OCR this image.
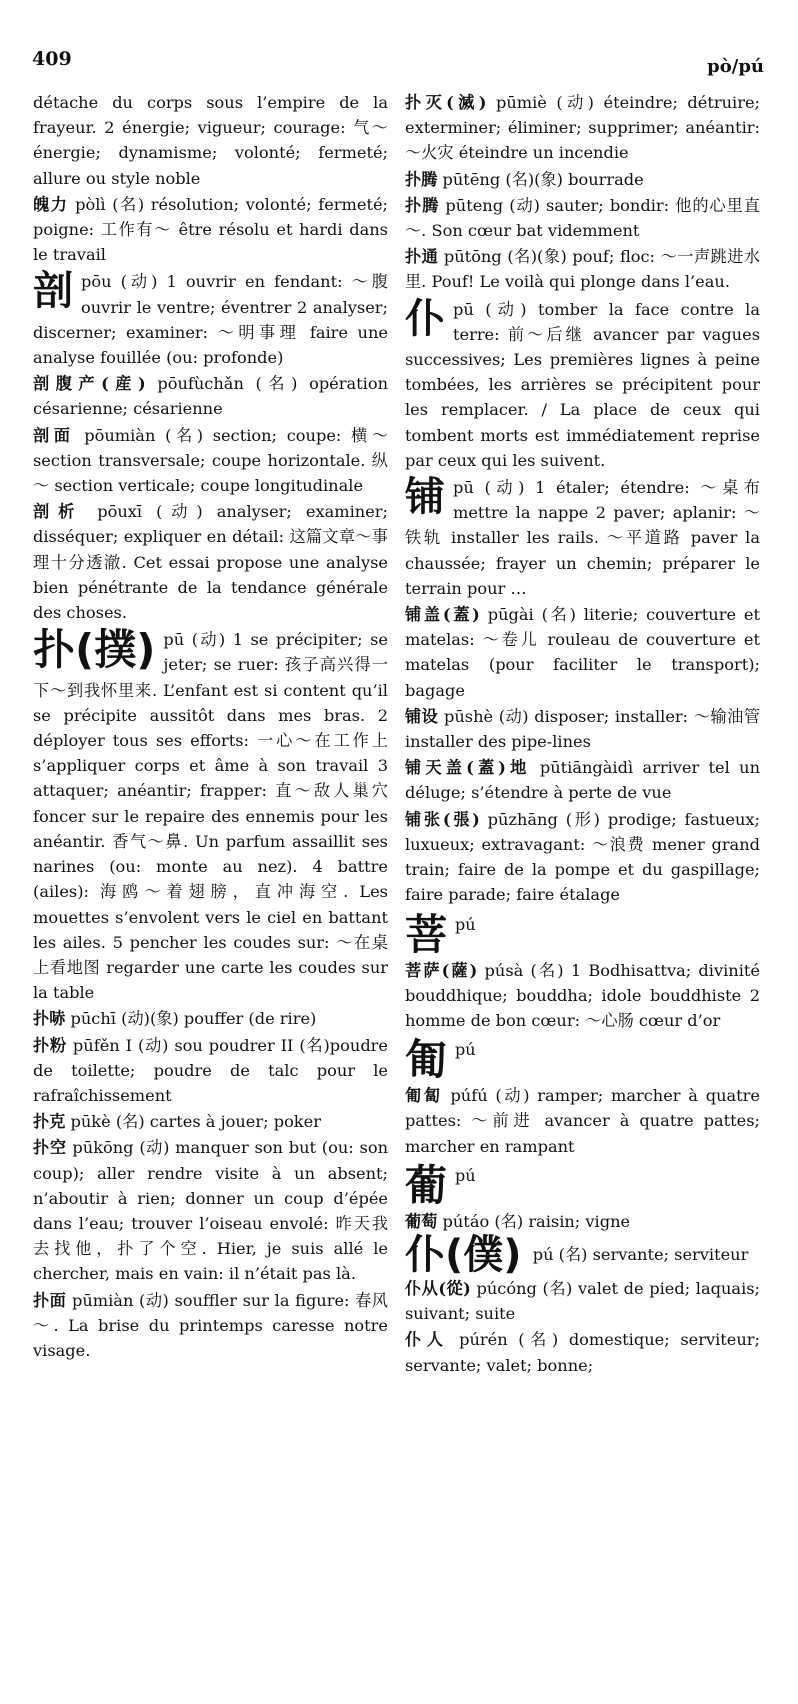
409	pò/pú
détache du corps sous l’empire de la frayeur. 2 énergie; vigueur; courage: 气～ énergie; dynamisme; volonté; fermeté; allure ou style noble
魄力 pòlì (名) résolution; volonté; fermeté; poigne: 工作有～ être résolu et hardi dans le travail
剖pōu (动) 1 ouvrir en fendant: ～腹 ouvrir le ventre; éventrer 2 analyser; discerner; examiner: ～明事理 faire une analyse fouillée (ou: profonde)
剖腹产(産) pōufùchǎn (名) opération césarienne; césarienne
剖面 pōumiàn (名) section; coupe: 横～ section transversale; coupe horizontale. 纵～ section verticale; coupe longitudinale
剖析 pōuxī (动) analyser; examiner; disséquer; expliquer en détail: 这篇文章～事理十分透澈. Cet essai propose une analyse bien pénétrante de la tendance générale des choses.
扑(撲) pū (动) 1 se précipiter; se jeter; se ruer: 孩子高兴得一下～到我怀里来. L’enfant est si content qu’il se précipite aussitôt dans mes bras. 2 déployer tous ses efforts: 一心～在工作上 s’appliquer corps et âme à son travail 3 attaquer; anéantir; frapper: 直～敌人巢穴 foncer sur le repaire des ennemis pour les anéantir. 香气～鼻. Un parfum assaillit ses narines (ou: monte au nez). 4 battre (ailes): 海鸥～着翅膀，直冲海空. Les mouettes s’envolent vers le ciel en battant les ailes. 5 pencher les coudes sur: ～在桌上看地图 regarder une carte les coudes sur la table
扑哧 pūchī (动)(象) pouffer (de rire)
扑粉 pūfěn I (动) sou poudrer II (名)poudre de toilette; poudre de talc pour le rafraîchissement
扑克 pūkè (名) cartes à jouer; poker
扑空 pūkōng (动) manquer son but (ou: son coup); aller rendre visite à un absent; n’aboutir à rien; donner un coup d’épée dans l’eau; trouver l’oiseau envolé: 昨天我去找他，扑了个空. Hier, je suis allé le chercher, mais en vain: il n’était pas là.
扑面 pūmiàn (动) souffler sur la figure: 春风～. La brise du printemps caresse notre visage.
扑灭(滅) pūmiè (动) éteindre; détruire; exterminer; éliminer; supprimer; anéantir: ～火灾 éteindre un incendie
扑腾 pūtēng (名)(象) bourrade
扑腾 pūteng (动) sauter; bondir: 他的心里直～. Son cœur bat videmment
扑通 pūtōng (名)(象) pouf; floc: ～一声跳进水里. Pouf! Le voilà qui plonge dans l’eau.
仆pū (动) tomber la face contre la terre: 前～后继 avancer par vagues successives; Les premières lignes à peine tombées, les arrières se précipitent pour les remplacer. / La place de ceux qui tombent morts est immédiatement reprise par ceux qui les suivent.
铺pū (动) 1 étaler; étendre: ～桌布 mettre la nappe 2 paver; aplanir: ～铁轨 installer les rails. ～平道路 paver la chaussée; frayer un chemin; préparer le terrain pour …
铺盖(蓋) pūgài (名) literie; couverture et matelas: ～卷儿 rouleau de couverture et matelas (pour faciliter le transport); bagage
铺设 pūshè (动) disposer; installer: ～输油管 installer des pipe-lines
铺天盖(蓋)地 pūtiāngàidì arriver tel un déluge; s’étendre à perte de vue
铺张(張) pūzhāng (形) prodige; fastueux; luxueux; extravagant: ～浪费 mener grand train; faire de la pompe et du gaspillage; faire parade; faire étalage
菩pú
菩萨(薩) púsà (名) 1 Bodhisattva; divinité bouddhique; bouddha; idole bouddhiste 2 homme de bon cœur: ～心肠 cœur d’or
匍pú
匍匐 púfú (动) ramper; marcher à quatre pattes: ～前进 avancer à quatre pattes; marcher en rampant
葡pú
葡萄 pútáo (名) raisin; vigne
仆(僕) pú (名) servante; serviteur
仆从(從) púcóng (名) valet de pied; laquais; suivant; suite
仆人 púrén (名) domestique; serviteur; servante; valet; bonne;
